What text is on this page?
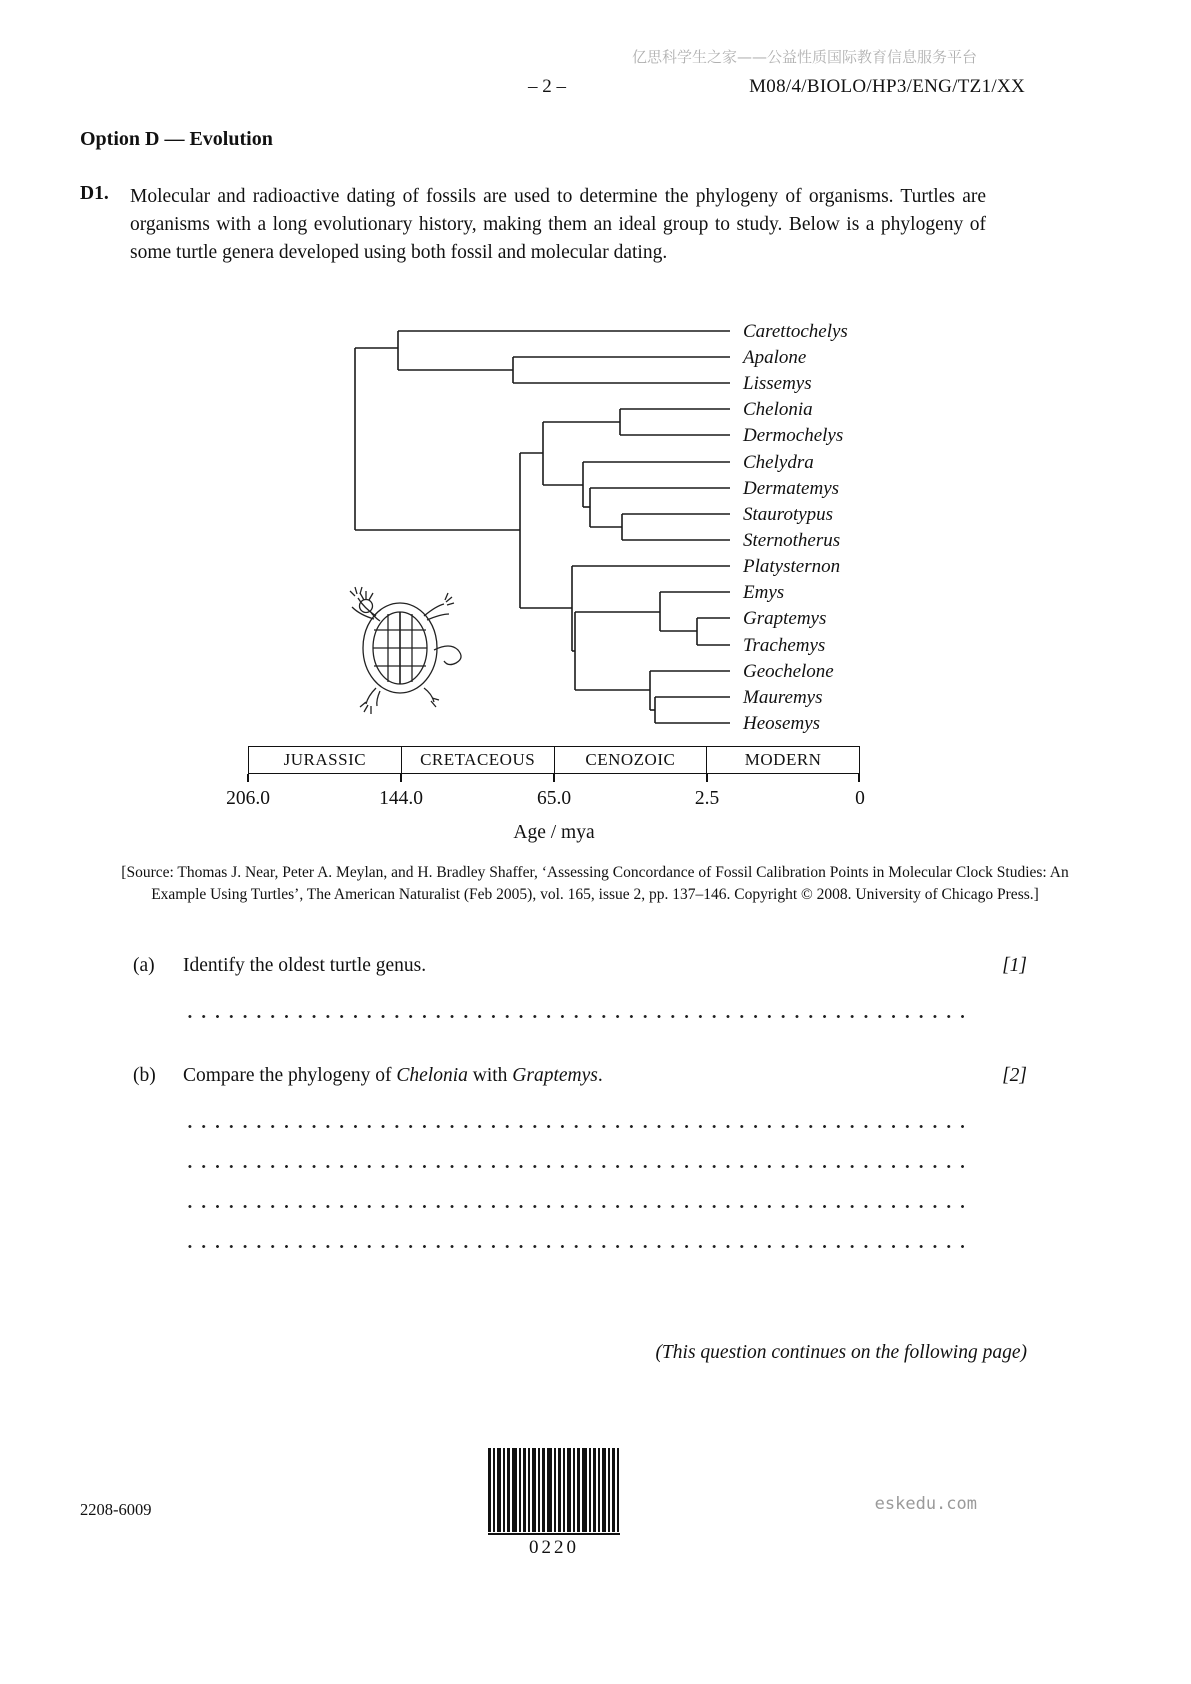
亿思科学生之家——公益性质国际教育信息服务平台
– 2 –	M08/4/BIOLO/HP3/ENG/TZ1/XX
Option D — Evolution
D1. Molecular and radioactive dating of fossils are used to determine the phylogeny of organisms. Turtles are organisms with a long evolutionary history, making them an ideal group to study. Below is a phylogeny of some turtle genera developed using both fossil and molecular dating.
Carettochelys
Apalone
Lissemys
Chelonia
Dermochelys
Chelydra
Dermatemys
Staurotypus
Sternotherus
Platysternon
Emys
Graptemys
Trachemys
Geochelone
Mauremys
Heosemys
JURASSIC	CRETACEOUS	CENOZOIC	MODERN
206.0	144.0	65.0	2.5	0
Age / mya
[Source: Thomas J. Near, Peter A. Meylan, and H. Bradley Shaffer, ‘Assessing Concordance of Fossil Calibration Points in Molecular Clock Studies: An Example Using Turtles’, The American Naturalist (Feb 2005), vol. 165, issue 2, pp. 137–146. Copyright © 2008. University of Chicago Press.]
(a) Identify the oldest turtle genus.	[1]
(b) Compare the phylogeny of Chelonia with Graptemys.	[2]
(This question continues on the following page)
2208-6009	eskedu.com
0220
